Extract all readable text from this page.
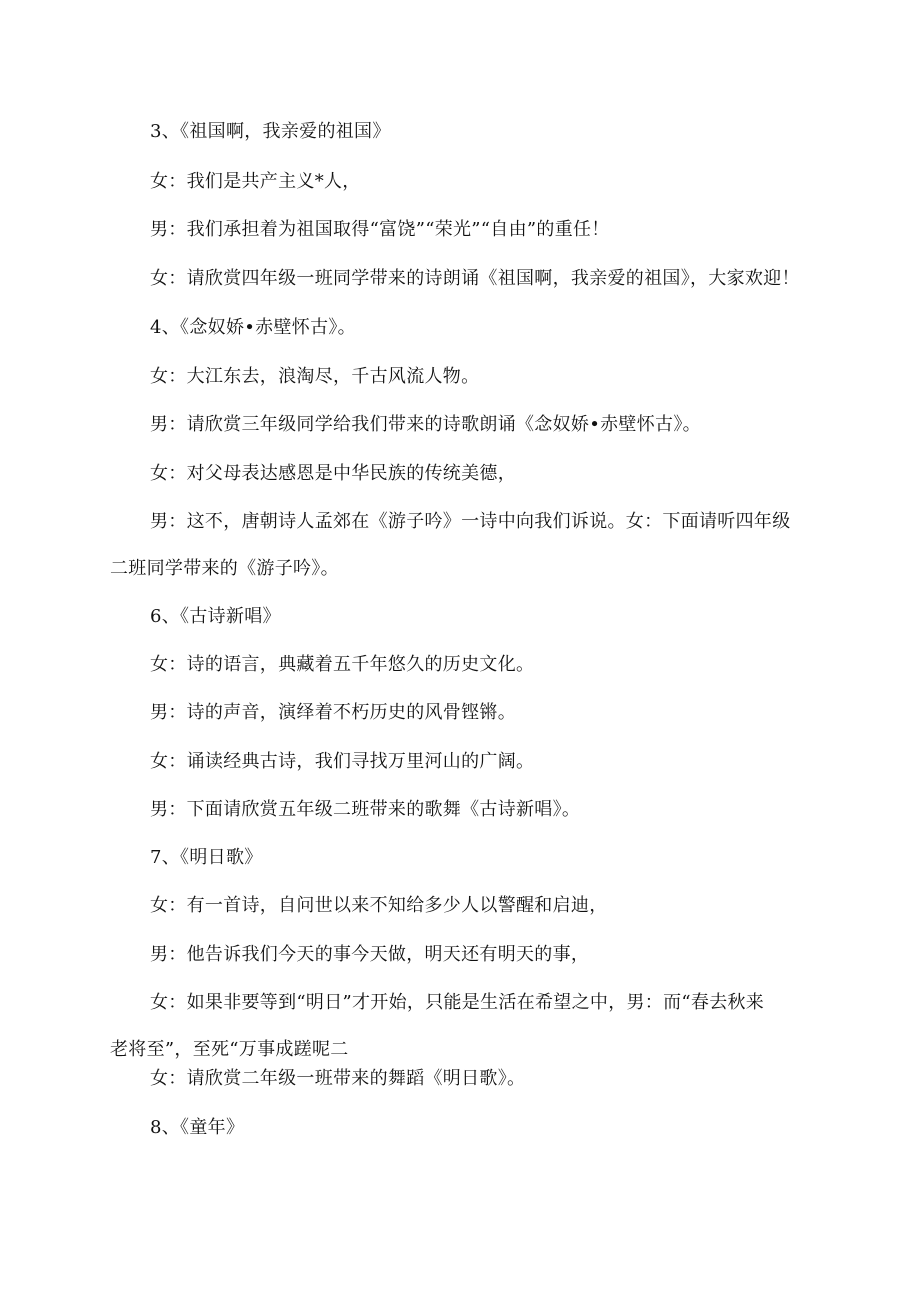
3、《祖国啊，我亲爱的祖国》
女：我们是共产主义*人，
男：我们承担着为祖国取得“富饶”“荣光”“自由”的重任！
女：请欣赏四年级一班同学带来的诗朗诵《祖国啊，我亲爱的祖国》，大家欢迎！
4、《念奴娇•赤壁怀古》。
女：大江东去，浪淘尽，千古风流人物。
男：请欣赏三年级同学给我们带来的诗歌朗诵《念奴娇•赤壁怀古》。
女：对父母表达感恩是中华民族的传统美德，
男：这不，唐朝诗人孟郊在《游子吟》一诗中向我们诉说。女：下面请听四年级
二班同学带来的《游子吟》。
6、《古诗新唱》
女：诗的语言，典藏着五千年悠久的历史文化。
男：诗的声音，演绎着不朽历史的风骨铿锵。
女：诵读经典古诗，我们寻找万里河山的广阔。
男：下面请欣赏五年级二班带来的歌舞《古诗新唱》。
7、《明日歌》
女：有一首诗，自问世以来不知给多少人以警醒和启迪，
男：他告诉我们今天的事今天做，明天还有明天的事，
女：如果非要等到“明日”才开始，只能是生活在希望之中，男：而“春去秋来
老将至”，至死“万事成蹉呢二
女：请欣赏二年级一班带来的舞蹈《明日歌》。
8、《童年》
